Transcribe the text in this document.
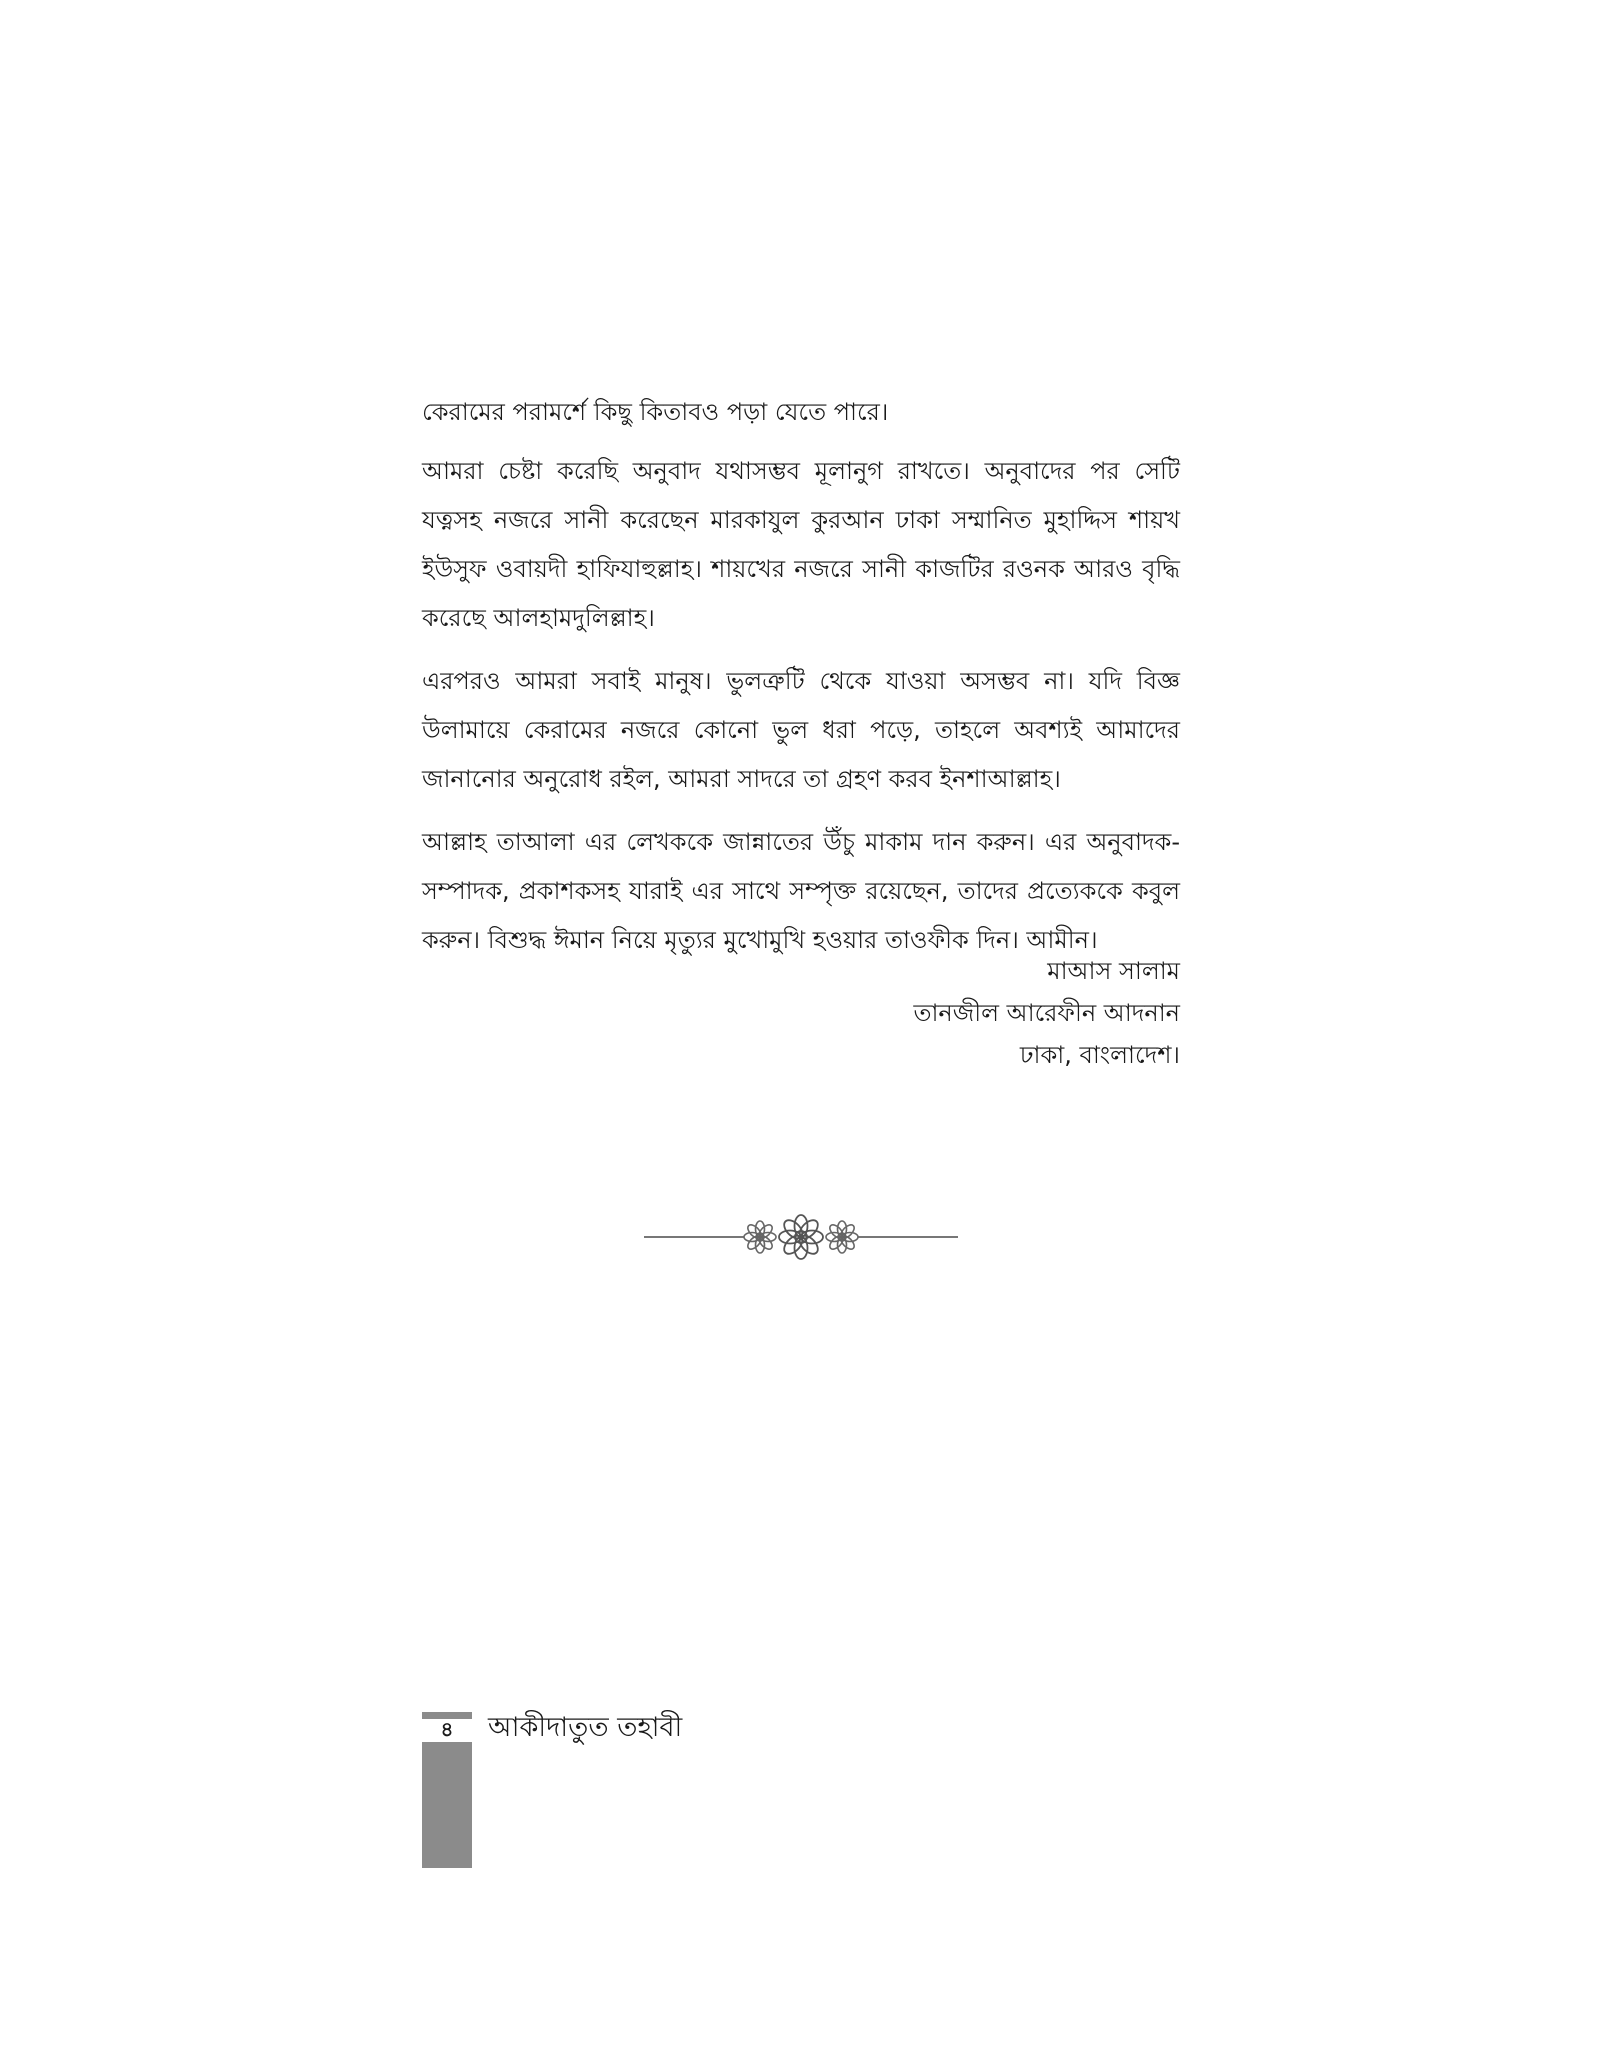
কেরামের পরামর্শে কিছু কিতাবও পড়া যেতে পারে।

আমরা চেষ্টা করেছি অনুবাদ যথাসম্ভব মূলানুগ রাখতে। অনুবাদের পর সেটি যত্নসহ নজরে সানী করেছেন মারকাযুল কুরআন ঢাকা সম্মানিত মুহাদ্দিস শায়খ ইউসুফ ওবায়দী হাফিযাহুল্লাহ। শায়খের নজরে সানী কাজটির রওনক আরও বৃদ্ধি করেছে আলহামদুলিল্লাহ।

এরপরও আমরা সবাই মানুষ। ভুলত্রুটি থেকে যাওয়া অসম্ভব না। যদি বিজ্ঞ উলামায়ে কেরামের নজরে কোনো ভুল ধরা পড়ে, তাহলে অবশ্যই আমাদের জানানোর অনুরোধ রইল, আমরা সাদরে তা গ্রহণ করব ইনশাআল্লাহ।

আল্লাহ তাআলা এর লেখককে জান্নাতের উঁচু মাকাম দান করুন। এর অনুবাদক-সম্পাদক, প্রকাশকসহ যারাই এর সাথে সম্পৃক্ত রয়েছেন, তাদের প্রত্যেককে কবুল করুন। বিশুদ্ধ ঈমান নিয়ে মৃত্যুর মুখোমুখি হওয়ার তাওফীক দিন। আমীন।

মাআস সালাম
তানজীল আরেফীন আদনান
ঢাকা, বাংলাদেশ।
৪	আকীদাতুত তহাবী
